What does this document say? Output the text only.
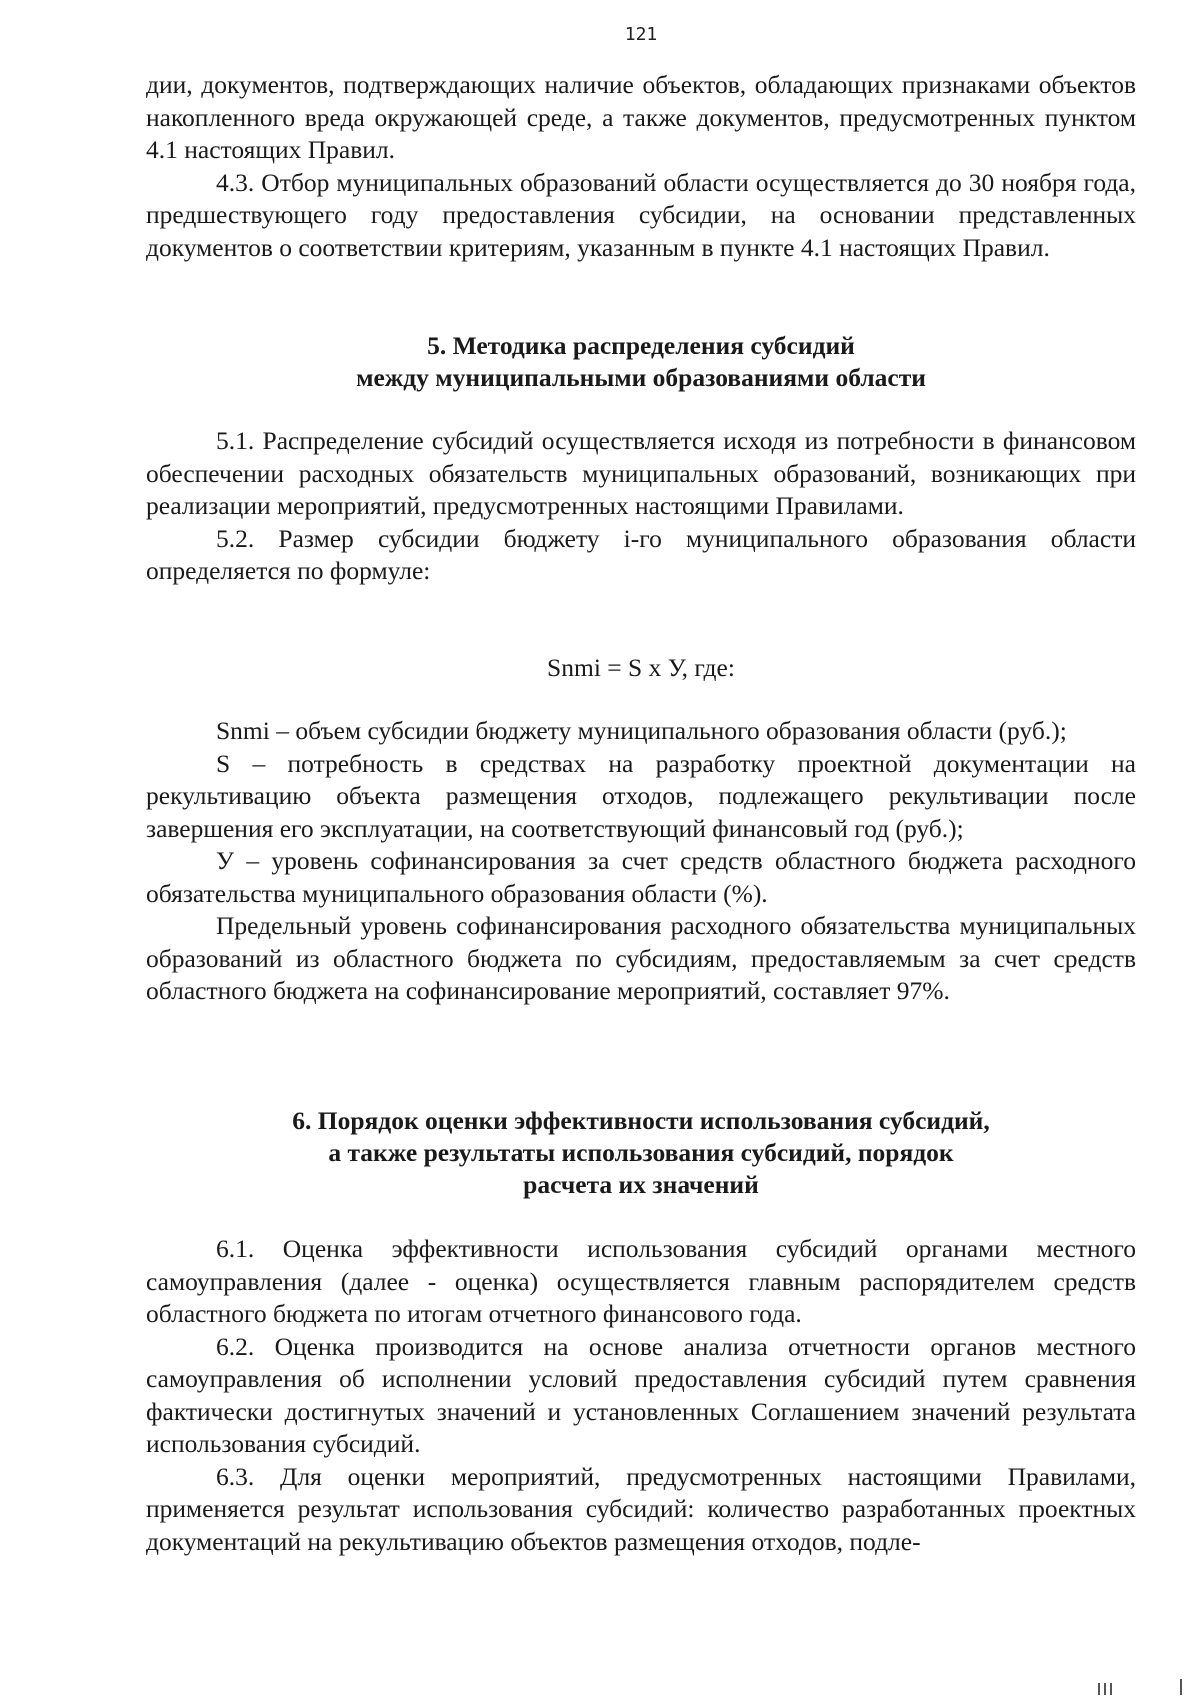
121

дии, документов, подтверждающих наличие объектов, обладающих признаками объектов накопленного вреда окружающей среде, а также документов, предусмотренных пунктом 4.1 настоящих Правил.

4.3. Отбор муниципальных образований области осуществляется до 30 ноября года, предшествующего году предоставления субсидии, на основании представленных документов о соответствии критериям, указанным в пункте 4.1 настоящих Правил.

5. Методика распределения субсидий
между муниципальными образованиями области

5.1. Распределение субсидий осуществляется исходя из потребности в финансовом обеспечении расходных обязательств муниципальных образований, возникающих при реализации мероприятий, предусмотренных настоящими Правилами.

5.2. Размер субсидии бюджету i-го муниципального образования области определяется по формуле:

Snmi = S x У, где:

Snmi – объем субсидии бюджету муниципального образования области (руб.);

S – потребность в средствах на разработку проектной документации на рекультивацию объекта размещения отходов, подлежащего рекультивации после завершения его эксплуатации, на соответствующий финансовый год (руб.);

У – уровень софинансирования за счет средств областного бюджета расходного обязательства муниципального образования области (%).

Предельный уровень софинансирования расходного обязательства муниципальных образований из областного бюджета по субсидиям, предоставляемым за счет средств областного бюджета на софинансирование мероприятий, составляет 97%.

6. Порядок оценки эффективности использования субсидий,
а также результаты использования субсидий, порядок
расчета их значений

6.1. Оценка эффективности использования субсидий органами местного самоуправления (далее - оценка) осуществляется главным распорядителем средств областного бюджета по итогам отчетного финансового года.

6.2. Оценка производится на основе анализа отчетности органов местного самоуправления об исполнении условий предоставления субсидий путем сравнения фактически достигнутых значений и установленных Соглашением значений результата использования субсидий.

6.3. Для оценки мероприятий, предусмотренных настоящими Правилами, применяется результат использования субсидий: количество разработанных проектных документаций на рекультивацию объектов размещения отходов, подле-
